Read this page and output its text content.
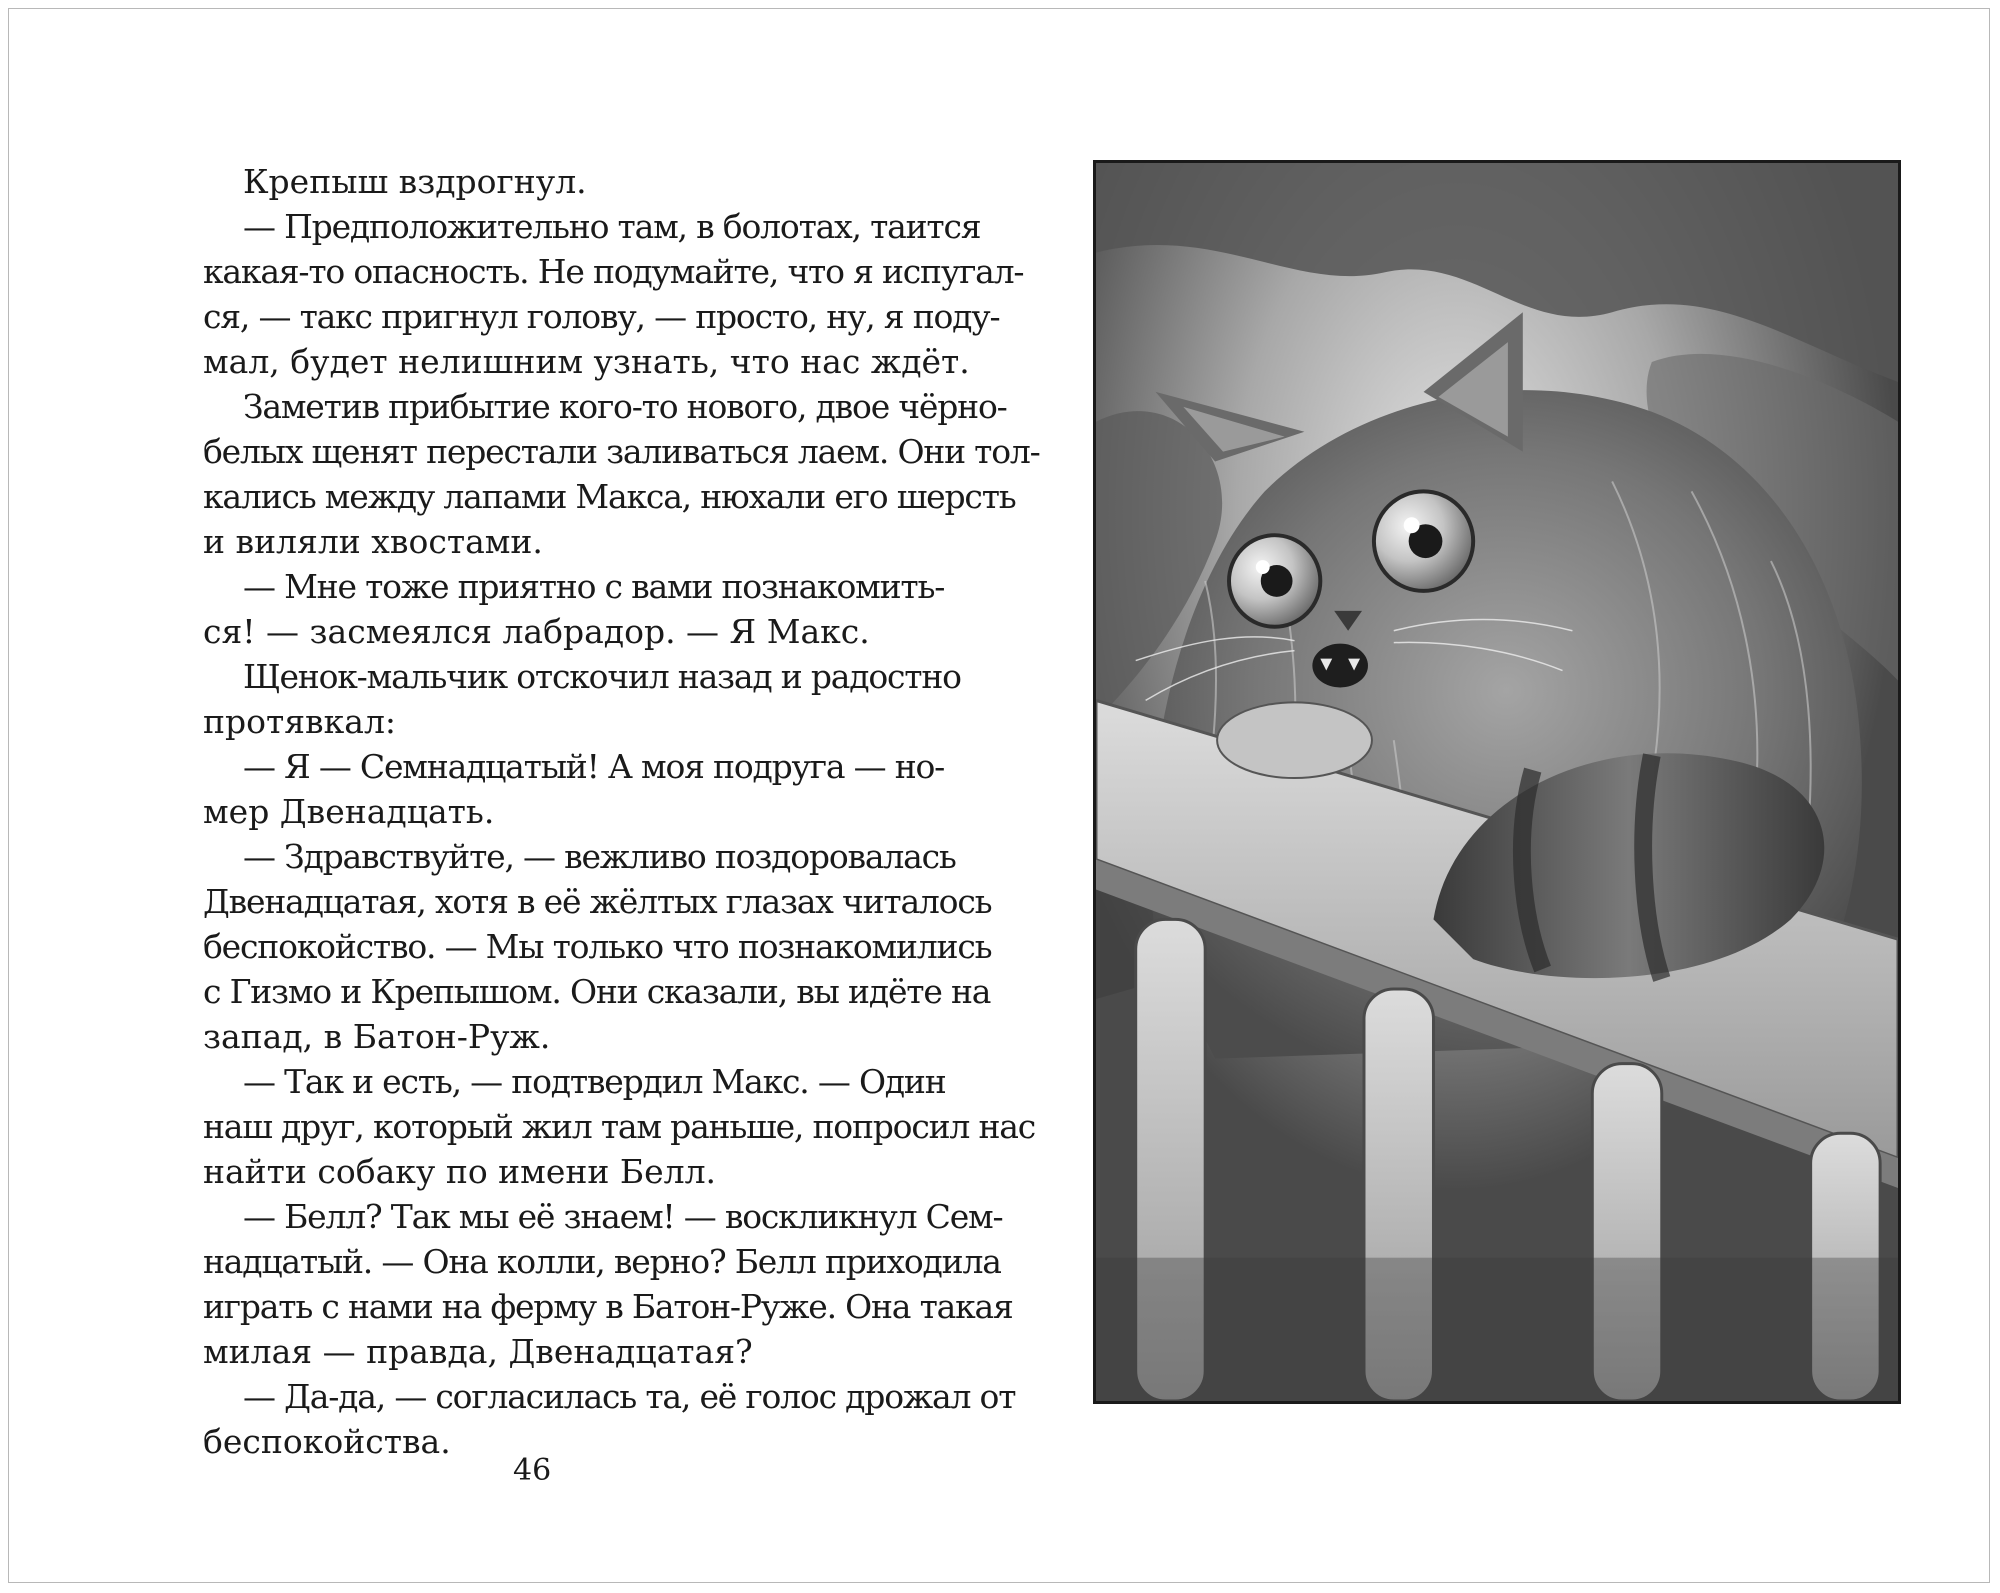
Крепыш вздрогнул.
— Предположительно там, в болотах, таится
какая-то опасность. Не подумайте, что я испугал-
ся, — такс пригнул голову, — просто, ну, я поду-
мал, будет нелишним узнать, что нас ждёт.
Заметив прибытие кого-то нового, двое чёрно-
белых щенят перестали заливаться лаем. Они тол-
кались между лапами Макса, нюхали его шерсть
и виляли хвостами.
— Мне тоже приятно с вами познакомить-
ся! — засмеялся лабрадор. — Я Макс.
Щенок-мальчик отскочил назад и радостно
протявкал:
— Я — Семнадцатый! А моя подруга — но-
мер Двенадцать.
— Здравствуйте, — вежливо поздоровалась
Двенадцатая, хотя в её жёлтых глазах читалось
беспокойство. — Мы только что познакомились
с Гизмо и Крепышом. Они сказали, вы идёте на
запад, в Батон-Руж.
— Так и есть, — подтвердил Макс. — Один
наш друг, который жил там раньше, попросил нас
найти собаку по имени Белл.
— Белл? Так мы её знаем! — воскликнул Сем-
надцатый. — Она колли, верно? Белл приходила
играть с нами на ферму в Батон-Руже. Она такая
милая — правда, Двенадцатая?
— Да-да, — согласилась та, её голос дрожал от
беспокойства.
46
